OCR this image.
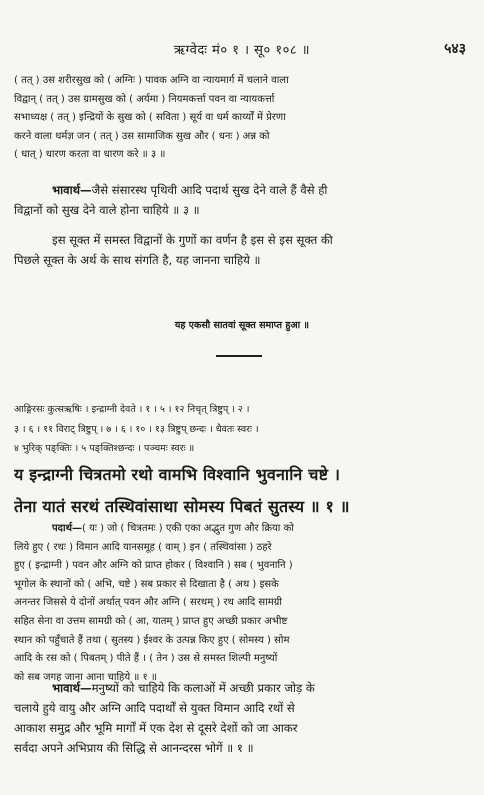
ऋग्वेदः मं० १ । सू० १०८ ॥	५४३
( तत् ) उस शरीरसुख को ( अग्निः ) पावक अग्नि वा न्यायमार्ग में चलाने वाला
विद्वान् ( तत् ) उस ग्रामसुख को ( अर्यमा ) नियमकर्त्ता पवन वा न्यायकर्त्ता
सभाध्यक्ष ( तत् ) इन्द्रियों के सुख को ( सविता ) सूर्य वा धर्म कार्य्यों में प्रेरणा
करने वाला धर्मज्ञ जन ( तत् ) उस सामाजिक सुख और ( धनः ) अन्न को
( धात् ) धारण करता वा धारण करे ॥ ३ ॥
भावार्थ—जैसे संसारस्थ पृथिवी आदि पदार्थ सुख देने वाले हैं वैसे ही
विद्वानों को सुख देने वाले होना चाहिये ॥ ३ ॥
इस सूक्त में समस्त विद्वानों के गुणों का वर्णन है इस से इस सूक्त की
पिछले सूक्त के अर्थ के साथ संगति है, यह जानना चाहिये ॥
यह एकसौ सातवां सूक्त समाप्त हुआ ॥
आङ्गिरसः कुत्सऋषिः । इन्द्राग्नी देवते । १ । ५ । १२ निचृत् त्रिष्टुप् । २ ।
३ । ६ । ११ विराट् त्रिष्टुप् । ७ । ६ । १० । १३ त्रिष्टुप् छन्दः । धैवतः स्वरः ।
४ भुरिक् पङ्क्तिः । ५ पङ्क्तिश्छन्दः । पञ्चमः स्वरः ॥
य इन्द्राग्नी चित्रतमो रथो वामभि विश्वानि भुवनानि चष्टे ।
तेना यातं सरथं तस्थिवांसाथा सोमस्य पिबतं सुतस्य ॥ १ ॥
पदार्थ—( यः ) जो ( चित्रतमः ) एकी एका अद्भुत गुण और क्रिया को
लिये हुए ( रथः ) विमान आदि यानसमूह ( वाम् ) इन ( तस्थिवांसा ) ठहरे
हुए ( इन्द्राग्नी ) पवन और अग्नि को प्राप्त होकर ( विश्वानि ) सब ( भुवनानि )
भूगोल के स्थानों को ( अभि, चष्टे ) सब प्रकार से दिखाता है ( अथ ) इसके
अनन्तर जिससे ये दोनों अर्थात् पवन और अग्नि ( सरथम् ) रथ आदि सामग्री
सहित सेना वा उत्तम सामग्री को ( आ, यातम् ) प्राप्त हुए अच्छी प्रकार अभीष्ट
स्थान को पहुँचाते हैं तथा ( सुतस्य ) ईश्वर के उत्पन्न किए हुए ( सोमस्य ) सोम
आदि के रस को ( पिबतम् ) पीते हैं । ( तेन ) उस से समस्त शिल्पी मनुष्यों
को सब जगह जाना आना चाहिये ॥ १ ॥
भावार्थ—मनुष्यों को चाहिये कि कलाओं में अच्छी प्रकार जोड़ के
चलाये हुये वायु और अग्नि आदि पदार्थों से युक्त विमान आदि रथों से
आकाश समुद्र और भूमि मार्गों में एक देश से दूसरे देशों को जा आकर
सर्वदा अपने अभिप्राय की सिद्धि से आनन्दरस भोगें ॥ १ ॥
